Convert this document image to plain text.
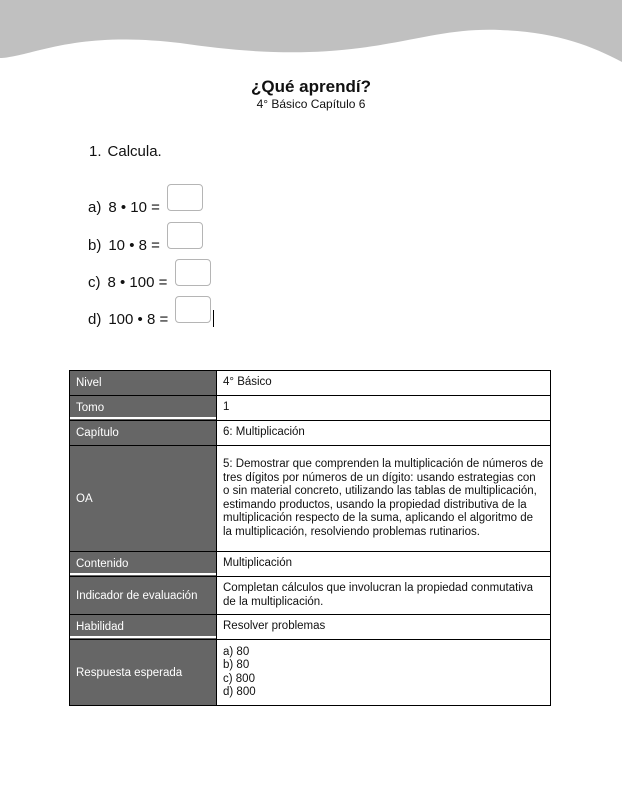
¿Qué aprendí?
4° Básico Capítulo 6
1. Calcula.
a) 8 • 10 =
b) 10 • 8 =
c) 8 • 100 =
d) 100 • 8 =
Nivel	4° Básico
Tomo	1
Capítulo	6: Multiplicación
OA	5: Demostrar que comprenden la multiplicación de números de tres dígitos por números de un dígito: usando estrategias con o sin material concreto, utilizando las tablas de multiplicación, estimando productos, usando la propiedad distributiva de la multiplicación respecto de la suma, aplicando el algoritmo de la multiplicación, resolviendo problemas rutinarios.
Contenido	Multiplicación
Indicador de evaluación	Completan cálculos que involucran la propiedad conmutativa de la multiplicación.
Habilidad	Resolver problemas
Respuesta esperada	a) 80
b) 80
c) 800
d) 800
